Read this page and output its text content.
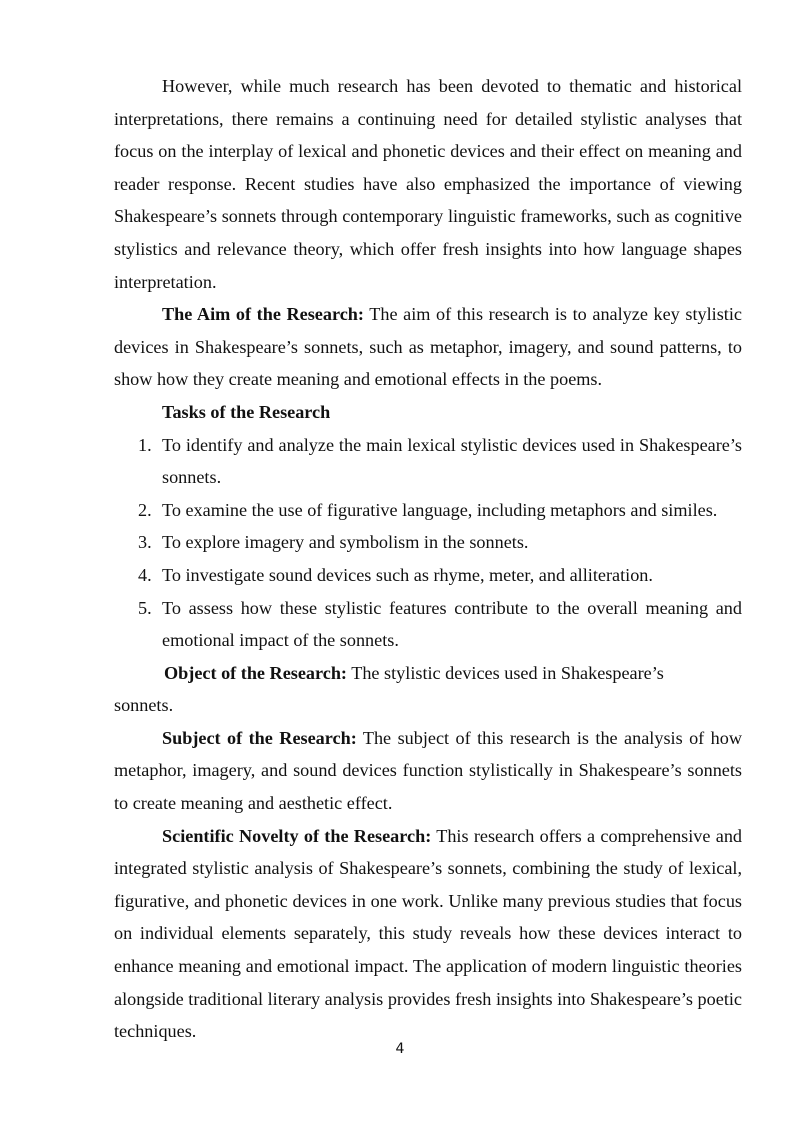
However, while much research has been devoted to thematic and historical interpretations, there remains a continuing need for detailed stylistic analyses that focus on the interplay of lexical and phonetic devices and their effect on meaning and reader response. Recent studies have also emphasized the importance of viewing Shakespeare’s sonnets through contemporary linguistic frameworks, such as cognitive stylistics and relevance theory, which offer fresh insights into how language shapes interpretation.

The Aim of the Research: The aim of this research is to analyze key stylistic devices in Shakespeare’s sonnets, such as metaphor, imagery, and sound patterns, to show how they create meaning and emotional effects in the poems.

Tasks of the Research
1. To identify and analyze the main lexical stylistic devices used in Shakespeare’s sonnets.
2. To examine the use of figurative language, including metaphors and similes.
3. To explore imagery and symbolism in the sonnets.
4. To investigate sound devices such as rhyme, meter, and alliteration.
5. To assess how these stylistic features contribute to the overall meaning and emotional impact of the sonnets.

Object of the Research: The stylistic devices used in Shakespeare’s
sonnets.

Subject of the Research: The subject of this research is the analysis of how metaphor, imagery, and sound devices function stylistically in Shakespeare’s sonnets to create meaning and aesthetic effect.

Scientific Novelty of the Research: This research offers a comprehensive and integrated stylistic analysis of Shakespeare’s sonnets, combining the study of lexical, figurative, and phonetic devices in one work. Unlike many previous studies that focus on individual elements separately, this study reveals how these devices interact to enhance meaning and emotional impact. The application of modern linguistic theories alongside traditional literary analysis provides fresh insights into Shakespeare’s poetic techniques.

4
